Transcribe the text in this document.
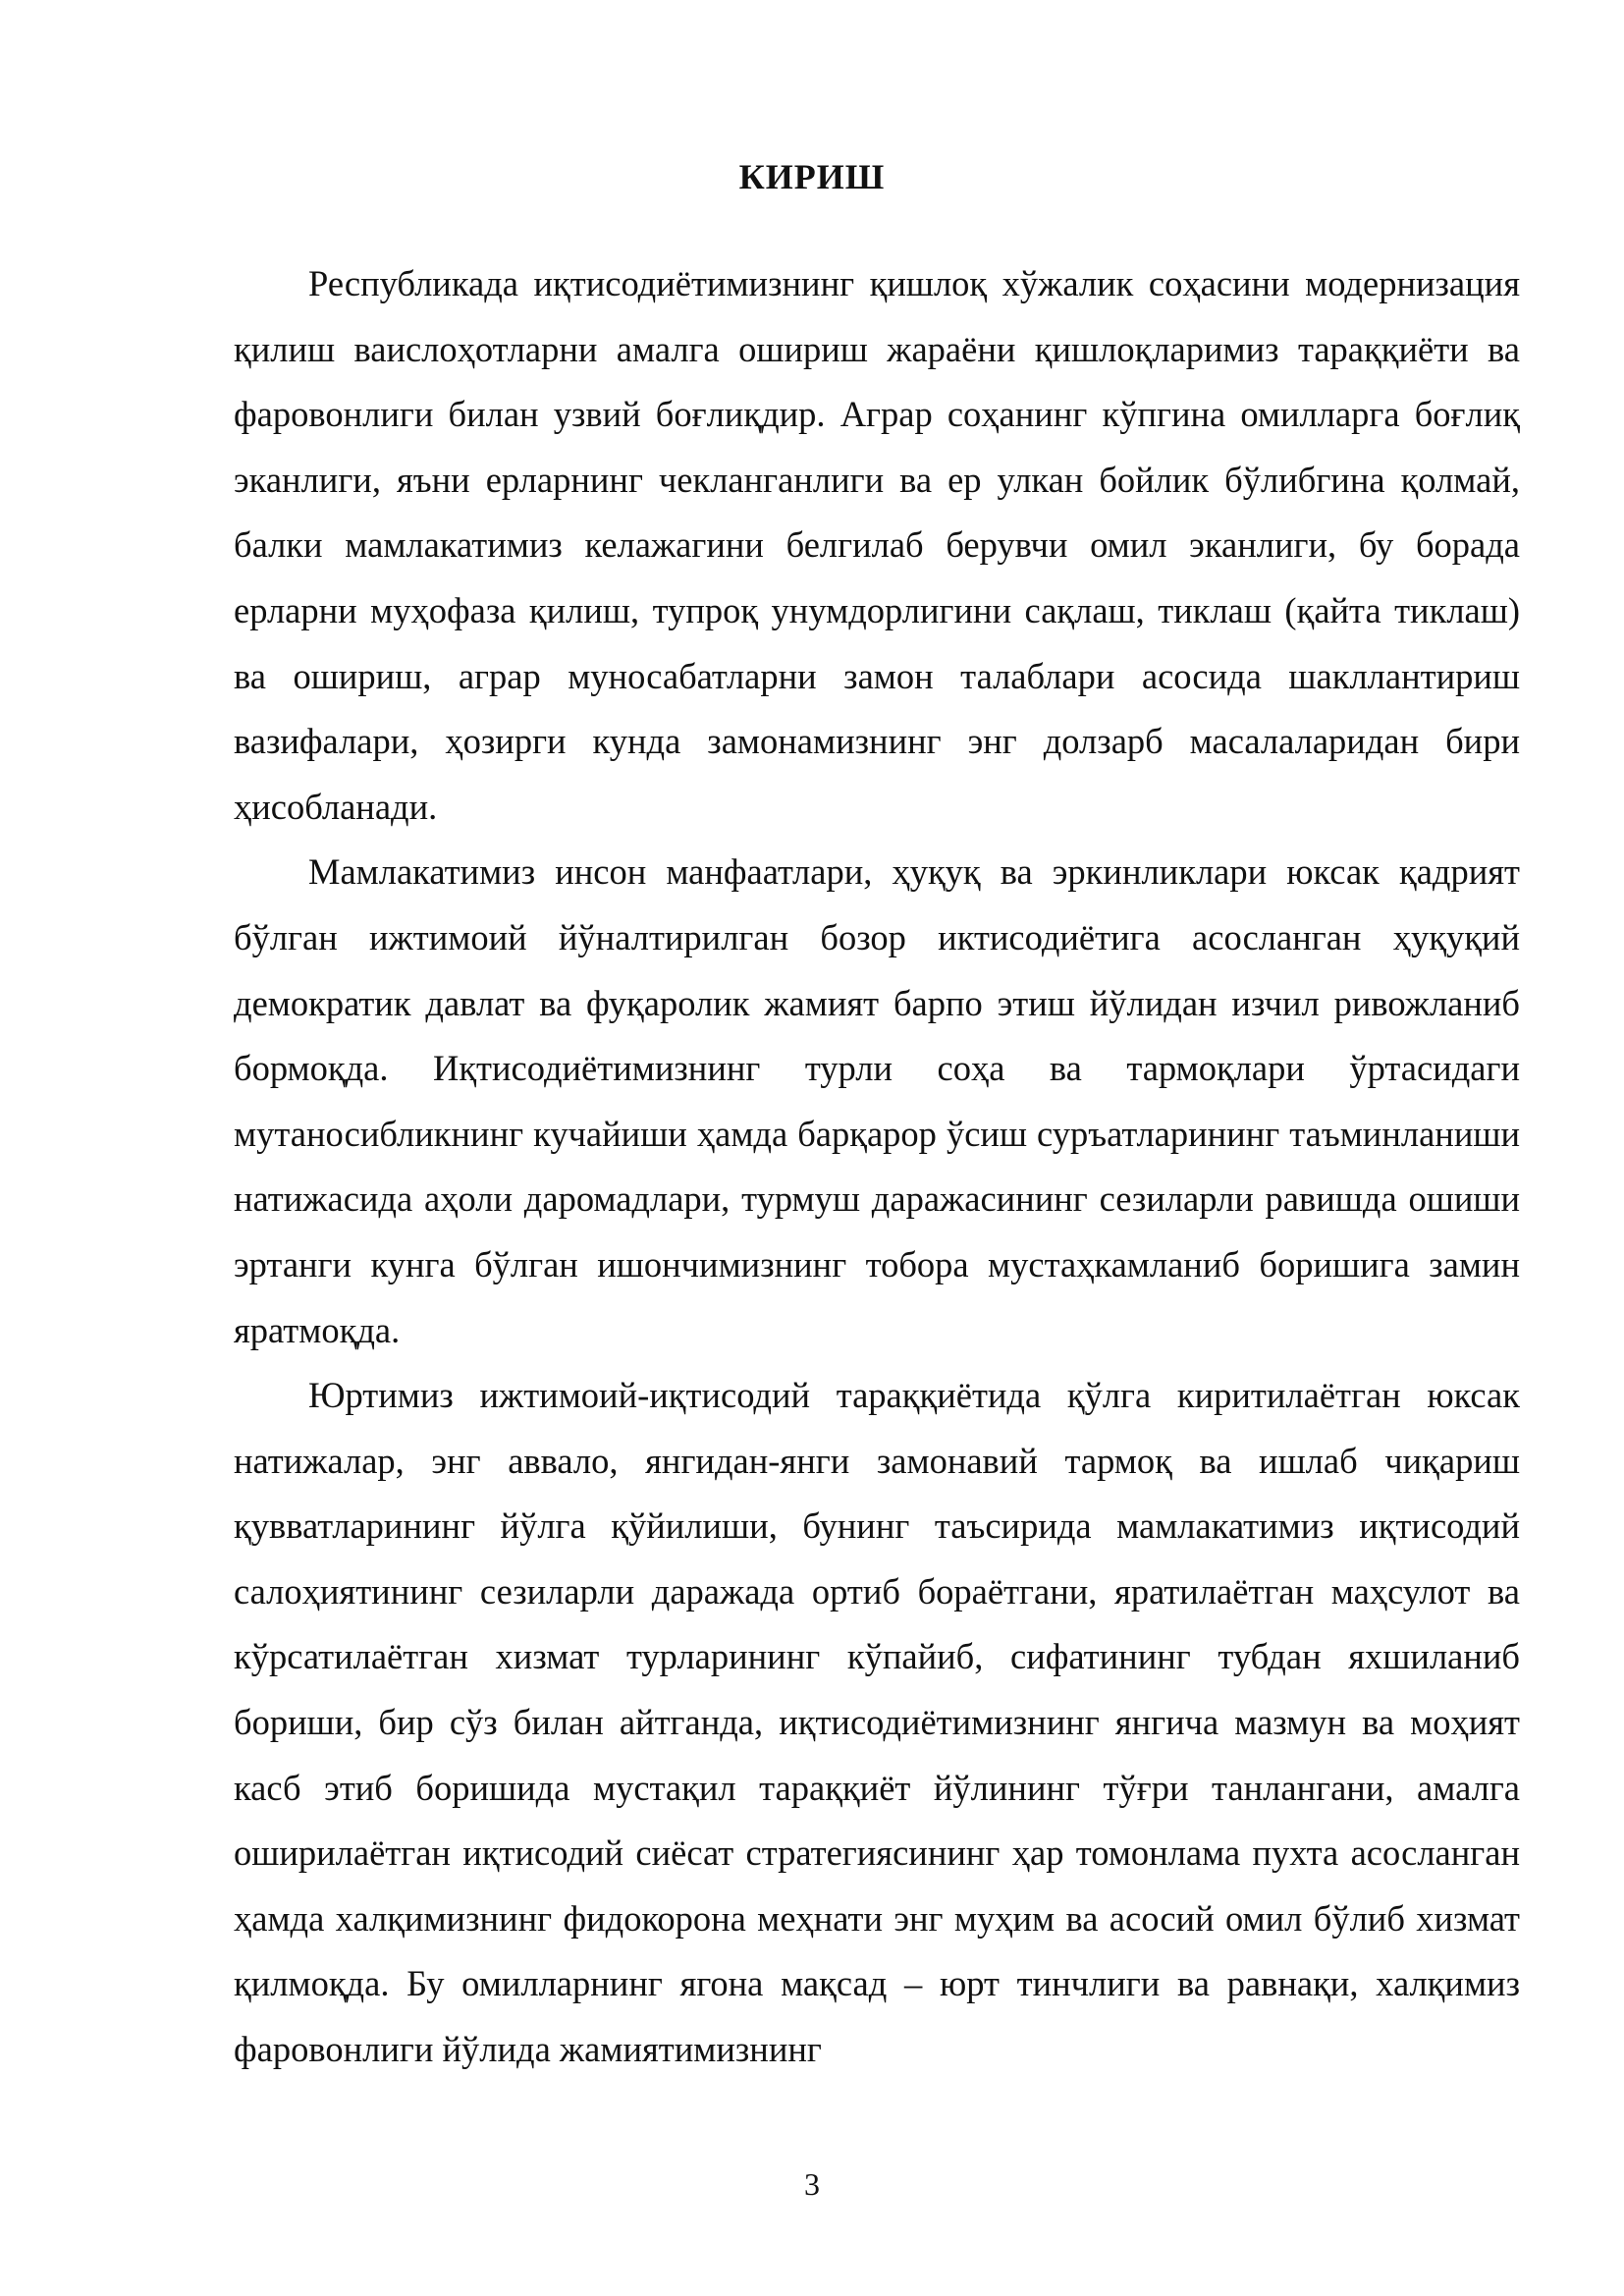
КИРИШ

Республикада иқтисодиётимизнинг қишлоқ хўжалик соҳасини модернизация қилиш ваислоҳотларни амалга ошириш жараёни қишлоқларимиз тараққиёти ва фаровонлиги билан узвий боғлиқдир. Аграр соҳанинг кўпгина омилларга боғлиқ эканлиги, яъни ерларнинг чекланганлиги ва ер улкан бойлик бўлибгина қолмай, балки мамлакатимиз келажагини белгилаб берувчи омил эканлиги, бу борада ерларни муҳофаза қилиш, тупроқ унумдорлигини сақлаш, тиклаш (қайта тиклаш) ва ошириш, аграр муносабатларни замон талаблари асосида шакллантириш вазифалари, ҳозирги кунда замонамизнинг энг долзарб масалаларидан бири ҳисобланади.

Мамлакатимиз инсон манфаатлари, ҳуқуқ ва эркинликлари юксак қадрият бўлган ижтимоий йўналтирилган бозор иктисодиётига асосланган ҳуқуқий демократик давлат ва фуқаролик жамият барпо этиш йўлидан изчил ривожланиб бормоқда. Иқтисодиётимизнинг турли соҳа ва тармоқлари ўртасидаги мутаносибликнинг кучайиши ҳамда барқарор ўсиш суръатларининг таъминланиши натижасида аҳоли даромадлари, турмуш даражасининг сезиларли равишда ошиши эртанги кунга бўлган ишончимизнинг тобора мустаҳкамланиб боришига замин яратмоқда.

Юртимиз ижтимоий-иқтисодий тараққиётида қўлга киритилаётган юксак натижалар, энг аввало, янгидан-янги замонавий тармоқ ва ишлаб чиқариш қувватларининг йўлга қўйилиши, бунинг таъсирида мамлакатимиз иқтисодий салоҳиятининг сезиларли даражада ортиб бораётгани, яратилаётган маҳсулот ва кўрсатилаётган хизмат турларининг кўпайиб, сифатининг тубдан яхшиланиб бориши, бир сўз билан айтганда, иқтисодиётимизнинг янгича мазмун ва моҳият касб этиб боришида мустақил тараққиёт йўлининг тўғри танлангани, амалга оширилаётган иқтисодий сиёсат стратегиясининг ҳар томонлама пухта асосланган ҳамда халқимизнинг фидокорона меҳнати энг муҳим ва асосий омил бўлиб хизмат қилмоқда. Бу омилларнинг ягона мақсад – юрт тинчлиги ва равнақи, халқимиз фаровонлиги йўлида жамиятимизнинг

3
